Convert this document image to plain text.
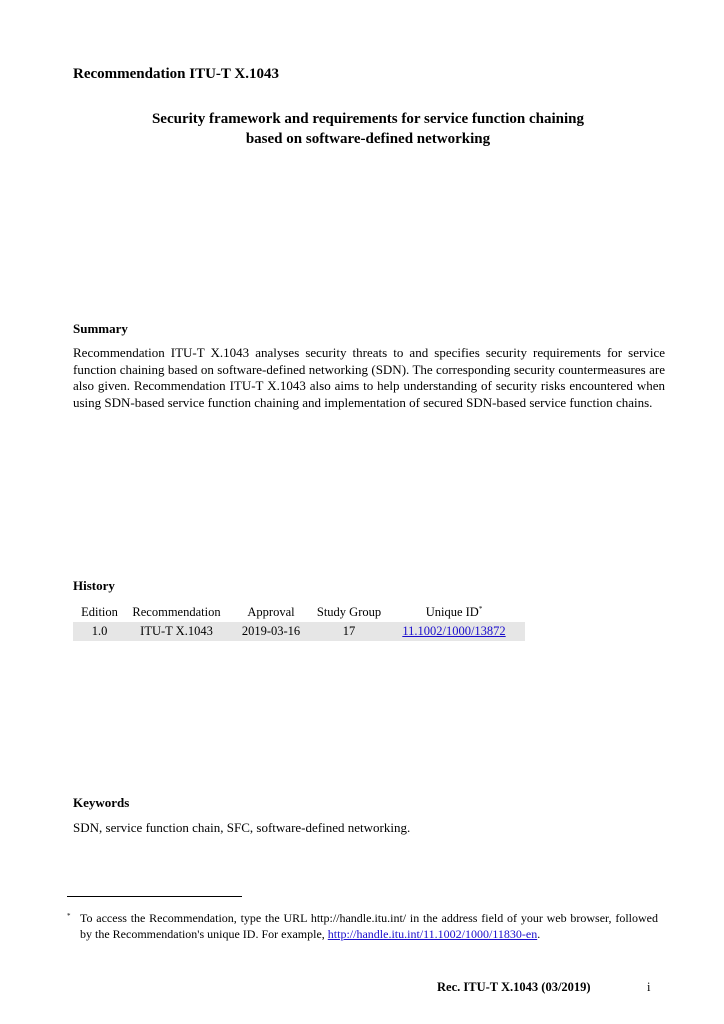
Recommendation ITU-T X.1043
Security framework and requirements for service function chaining
based on software-defined networking
Summary
Recommendation ITU-T X.1043 analyses security threats to and specifies security requirements for service function chaining based on software-defined networking (SDN). The corresponding security countermeasures are also given. Recommendation ITU-T X.1043 also aims to help understanding of security risks encountered when using SDN-based service function chaining and implementation of secured SDN-based service function chains.
History
Edition	Recommendation	Approval	Study Group	Unique ID*
1.0	ITU-T X.1043	2019-03-16	17	11.1002/1000/13872
Keywords
SDN, service function chain, SFC, software-defined networking.
* To access the Recommendation, type the URL http://handle.itu.int/ in the address field of your web browser, followed by the Recommendation's unique ID. For example, http://handle.itu.int/11.1002/1000/11830-en.
Rec. ITU-T X.1043 (03/2019)	i
